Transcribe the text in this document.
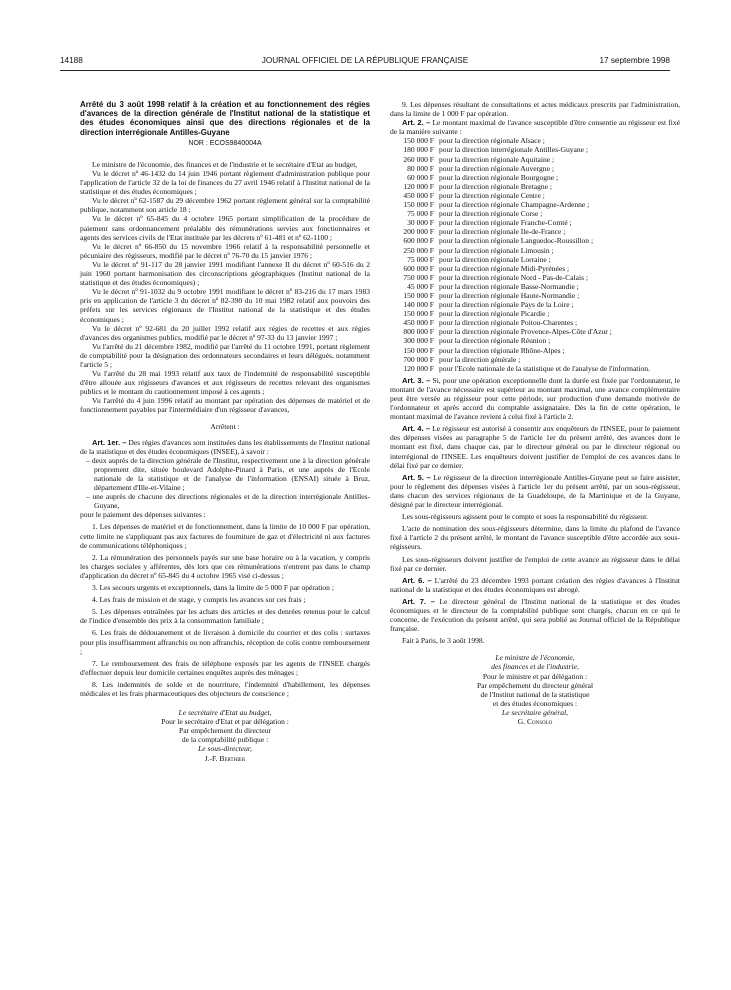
14188	JOURNAL OFFICIEL DE LA RÉPUBLIQUE FRANÇAISE	17 septembre 1998

Arrêté du 3 août 1998 relatif à la création et au fonctionnement des régies d'avances de la direction générale de l'Institut national de la statistique et des études économiques ainsi que des directions régionales et de la direction interrégionale Antilles-Guyane

NOR : ECOS9840004A

Le ministre de l'économie, des finances et de l'industrie et le secrétaire d'Etat au budget,

Vu le décret nº 46-1432 du 14 juin 1946 portant règlement d'administration publique pour l'application de l'article 32 de la loi de finances du 27 avril 1946 relatif à l'Institut national de la statistique et des études économiques ;

Vu le décret nº 62-1587 du 29 décembre 1962 portant règlement général sur la comptabilité publique, notamment son article 18 ;

Vu le décret nº 65-845 du 4 octobre 1965 portant simplification de la procédure de paiement sans ordonnancement préalable des rémunérations servies aux fonctionnaires et agents des services civils de l'Etat instituée par les décrets nº 61-481 et nº 62-1100 ;

Vu le décret nº 66-850 du 15 novembre 1966 relatif à la responsabilité personnelle et pécuniaire des régisseurs, modifié par le décret nº 76-70 du 15 janvier 1976 ;

Vu le décret nº 91-117 du 28 janvier 1991 modifiant l'annexe II du décret nº 60-516 du 2 juin 1960 portant harmonisation des circonscriptions géographiques (Institut national de la statistique et des études économiques) ;

Vu le décret nº 91-1032 du 9 octobre 1991 modifiant le décret nº 83-216 du 17 mars 1983 pris en application de l'article 3 du décret nº 82-390 du 10 mai 1982 relatif aux pouvoirs des préfets sur les services régionaux de l'Institut national de la statistique et des études économiques ;

Vu le décret nº 92-681 du 20 juillet 1992 relatif aux régies de recettes et aux régies d'avances des organismes publics, modifié par le décret nº 97-33 du 13 janvier 1997 ;

Vu l'arrêté du 21 décembre 1982, modifié par l'arrêté du 11 octobre 1991, portant règlement de comptabilité pour la désignation des ordonnateurs secondaires et leurs délégués, notamment l'article 5 ;

Vu l'arrêté du 28 mai 1993 relatif aux taux de l'indemnité de responsabilité susceptible d'être allouée aux régisseurs d'avances et aux régisseurs de recettes relevant des organismes publics et le montant du cautionnement imposé à ces agents ;

Vu l'arrêté du 4 juin 1996 relatif au montant par opération des dépenses de matériel et de fonctionnement payables par l'intermédiaire d'un régisseur d'avances,

Arrêtent :

Art. 1er. – Des régies d'avances sont instituées dans les établissements de l'Institut national de la statistique et des études économiques (INSEE), à savoir :

– deux auprès de la direction générale de l'Institut, respectivement une à la direction générale proprement dite, située boulevard Adolphe-Pinard à Paris, et une auprès de l'Ecole nationale de la statistique et de l'analyse de l'information (ENSAI) située à Bruz, département d'Ille-et-Vilaine ;

– une auprès de chacune des directions régionales et de la direction interrégionale Antilles-Guyane,

pour le paiement des dépenses suivantes :

1. Les dépenses de matériel et de fonctionnement, dans la limite de 10 000 F par opération, cette limite ne s'appliquant pas aux factures de fourniture de gaz et d'électricité ni aux factures de communications téléphoniques ;

2. La rémunération des personnels payés sur une base horaire ou à la vacation, y compris les charges sociales y afférentes, dès lors que ces rémunérations n'entrent pas dans le champ d'application du décret nº 65-845 du 4 octobre 1965 visé ci-dessus ;

3. Les secours urgents et exceptionnels, dans la limite de 5 000 F par opération ;

4. Les frais de mission et de stage, y compris les avances sur ces frais ;

5. Les dépenses entraînées par les achats des articles et des denrées retenus pour le calcul de l'indice d'ensemble des prix à la consommation familiale ;

6. Les frais de dédouanement et de livraison à domicile du courrier et des colis : surtaxes pour plis insuffisamment affranchis ou non affranchis, réception de colis contre remboursement ;

7. Le remboursement des frais de téléphone exposés par les agents de l'INSEE chargés d'effectuer depuis leur domicile certaines enquêtes auprès des ménages ;

8. Les indemnités de solde et de nourriture, l'indemnité d'habillement, les dépenses médicales et les frais pharmaceutiques des objecteurs de conscience ;

Le secrétaire d'Etat au budget,

Pour le secrétaire d'Etat et par délégation :

Par empêchement du directeur

de la comptabilité publique :

Le sous-directeur,

J.-F. Berthier

9. Les dépenses résultant de consultations et actes médicaux prescrits par l'administration, dans la limite de 1 000 F par opération.

Art. 2. – Le montant maximal de l'avance susceptible d'être consentie au régisseur est fixé de la manière suivante :

150 000 F pour la direction régionale Alsace ;
180 000 F pour la direction interrégionale Antilles-Guyane ;
260 000 F pour la direction régionale Aquitaine ;
80 000 F pour la direction régionale Auvergne ;
60 000 F pour la direction régionale Bourgogne ;
120 000 F pour la direction régionale Bretagne ;
450 000 F pour la direction régionale Centre ;
150 000 F pour la direction régionale Champagne-Ardenne ;
75 000 F pour la direction régionale Corse ;
30 000 F pour la direction régionale Franche-Comté ;
200 000 F pour la direction régionale Ile-de-France ;
600 000 F pour la direction régionale Languedoc-Roussillon ;
250 000 F pour la direction régionale Limousin ;
75 000 F pour la direction régionale Lorraine ;
600 000 F pour la direction régionale Midi-Pyrénées ;
750 000 F pour la direction régionale Nord - Pas-de-Calais ;
45 000 F pour la direction régionale Basse-Normandie ;
150 000 F pour la direction régionale Haute-Normandie ;
140 000 F pour la direction régionale Pays de la Loire ;
150 000 F pour la direction régionale Picardie ;
450 000 F pour la direction régionale Poitou-Charentes ;
800 000 F pour la direction régionale Provence-Alpes-Côte d'Azur ;
300 000 F pour la direction régionale Réunion ;
150 000 F pour la direction régionale Rhône-Alpes ;
700 000 F pour la direction générale ;
120 000 F pour l'Ecole nationale de la statistique et de l'analyse de l'information.

Art. 3. – Si, pour une opération exceptionnelle dont la durée est fixée par l'ordonnateur, le montant de l'avance nécessaire est supérieur au montant maximal, une avance complémentaire peut être versée au régisseur pour cette période, sur production d'une demande motivée de l'ordonnateur et après accord du comptable assignataire. Dès la fin de cette opération, le montant maximal de l'avance revient à celui fixé à l'article 2.

Art. 4. – Le régisseur est autorisé à consentir aux enquêteurs de l'INSEE, pour le paiement des dépenses visées au paragraphe 5 de l'article 1er du présent arrêté, des avances dont le montant est fixé, dans chaque cas, par le directeur général ou par le directeur régional ou interrégional de l'INSEE. Les enquêteurs doivent justifier de l'emploi de ces avances dans le délai fixé par ce dernier.

Art. 5. – Le régisseur de la direction interrégionale Antilles-Guyane peut se faire assister, pour le règlement des dépenses visées à l'article 1er du présent arrêté, par un sous-régisseur, dans chacun des services régionaux de la Guadeloupe, de la Martinique et de la Guyane, désigné par le directeur interrégional.

Les sous-régisseurs agissent pour le compte et sous la responsabilité du régisseur.

L'acte de nomination des sous-régisseurs détermine, dans la limite du plafond de l'avance fixé à l'article 2 du présent arrêté, le montant de l'avance susceptible d'être accordée aux sous-régisseurs.

Les sous-régisseurs doivent justifier de l'emploi de cette avance au régisseur dans le délai fixé par ce dernier.

Art. 6. – L'arrêté du 23 décembre 1993 portant création des régies d'avances à l'Institut national de la statistique et des études économiques est abrogé.

Art. 7. – Le directeur général de l'Institut national de la statistique et des études économiques et le directeur de la comptabilité publique sont chargés, chacun en ce qui le concerne, de l'exécution du présent arrêté, qui sera publié au Journal officiel de la République française.

Fait à Paris, le 3 août 1998.

Le ministre de l'économie,

des finances et de l'industrie,

Pour le ministre et par délégation :

Par empêchement du directeur général

de l'Institut national de la statistique

et des études économiques :

Le secrétaire général,

G. Consolo
